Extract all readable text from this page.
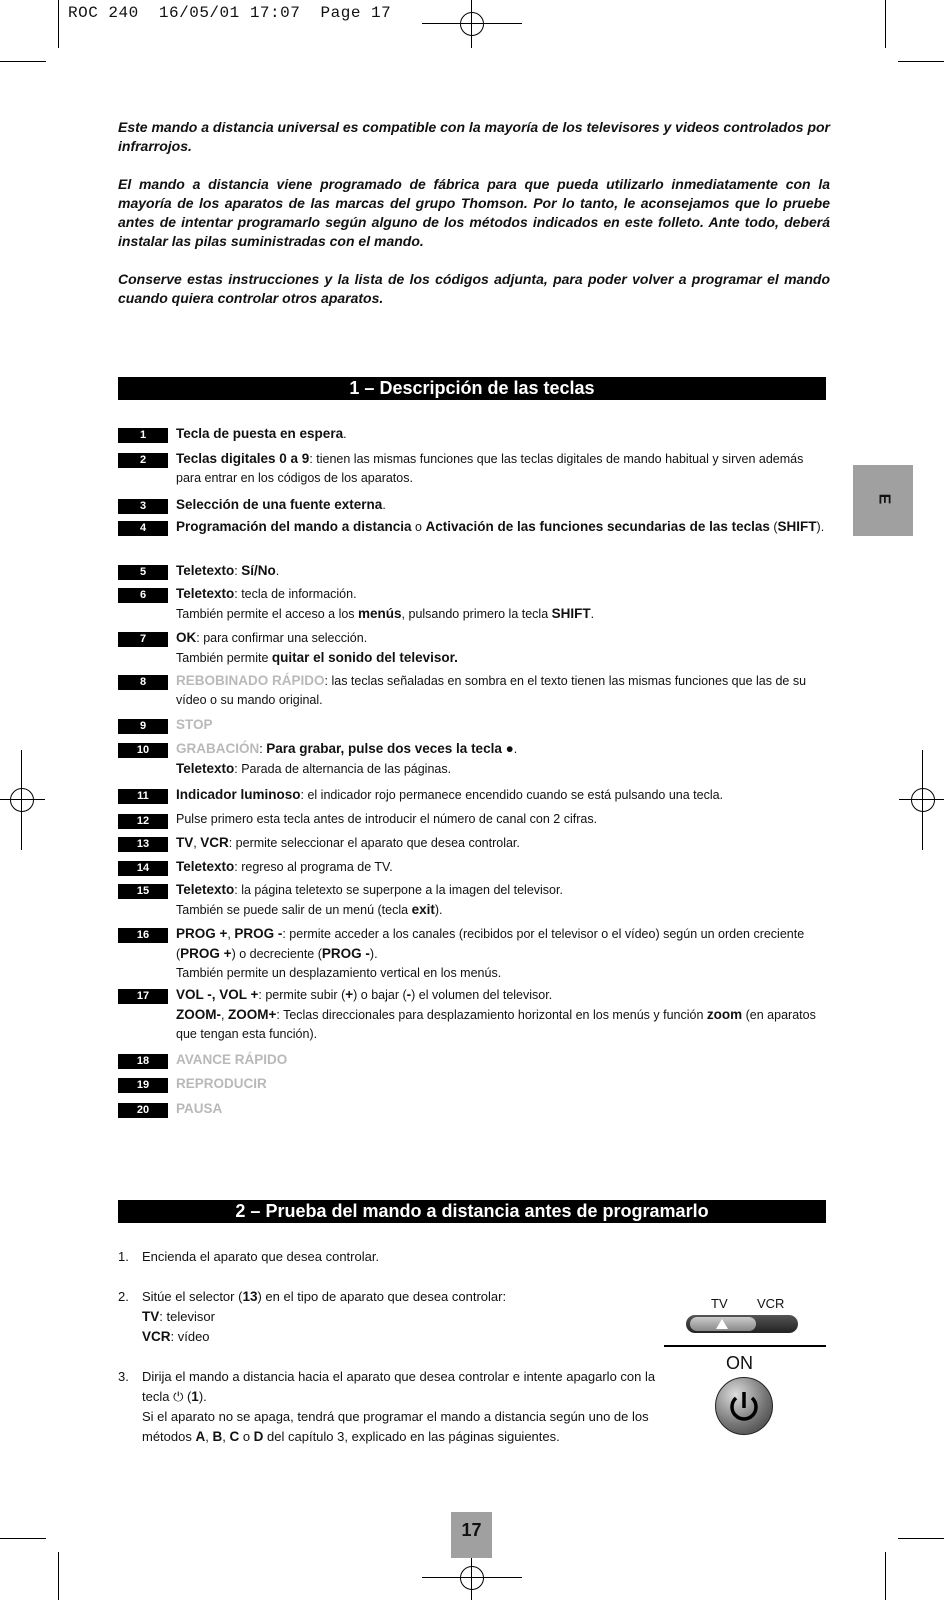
ROC 240  16/05/01 17:07  Page 17
E

Este mando a distancia universal es compatible con la mayoría de los televisores y videos controlados por infrarrojos.

El mando a distancia viene programado de fábrica para que pueda utilizarlo inmediatamente con la mayoría de los aparatos de las marcas del grupo Thomson. Por lo tanto, le aconsejamos que lo pruebe antes de intentar programarlo según alguno de los métodos indicados en este folleto. Ante todo, deberá instalar las pilas suministradas con el mando.

Conserve estas instrucciones y la lista de los códigos adjunta, para poder volver a programar el mando cuando quiera controlar otros aparatos.

1 – Descripción de las teclas
1	Tecla de puesta en espera.
2	Teclas digitales 0 a 9: tienen las mismas funciones que las teclas digitales de mando habitual y sirven además para entrar en los códigos de los aparatos.
3	Selección de una fuente externa.
4	Programación del mando a distancia o Activación de las funciones secundarias de las teclas (SHIFT).
5	Teletexto: Sí/No.
6	Teletexto: tecla de información.
También permite el acceso a los menús, pulsando primero la tecla SHIFT.
7	OK: para confirmar una selección.
También permite quitar el sonido del televisor.
8	REBOBINADO RÁPIDO: las teclas señaladas en sombra en el texto tienen las mismas funciones que las de su vídeo o su mando original.
9	STOP
10	GRABACIÓN: Para grabar, pulse dos veces la tecla ●.
Teletexto: Parada de alternancia de las páginas.
11	Indicador luminoso: el indicador rojo permanece encendido cuando se está pulsando una tecla.
12	Pulse primero esta tecla antes de introducir el número de canal con 2 cifras.
13	TV, VCR: permite seleccionar el aparato que desea controlar.
14	Teletexto: regreso al programa de TV.
15	Teletexto: la página teletexto se superpone a la imagen del televisor.
También se puede salir de un menú (tecla exit).
16	PROG +, PROG -: permite acceder a los canales (recibidos por el televisor o el vídeo) según un orden creciente (PROG +) o decreciente (PROG -).
También permite un desplazamiento vertical en los menús.
17	VOL -, VOL +: permite subir (+) o bajar (-) el volumen del televisor.
ZOOM-, ZOOM+: Teclas direccionales para desplazamiento horizontal en los menús y función zoom (en aparatos que tengan esta función).
18	AVANCE RÁPIDO
19	REPRODUCIR
20	PAUSA
2 – Prueba del mando a distancia antes de programarlo
1. Encienda el aparato que desea controlar.
2. Sitúe el selector (13) en el tipo de aparato que desea controlar:
TV: televisor
VCR: vídeo
3. Dirija el mando a distancia hacia el aparato que desea controlar e intente apagarlo con la tecla ⏻ (1).
Si el aparato no se apaga, tendrá que programar el mando a distancia según uno de los métodos A, B, C o D del capítulo 3, explicado en las páginas siguientes.
TV VCR
ON
17
